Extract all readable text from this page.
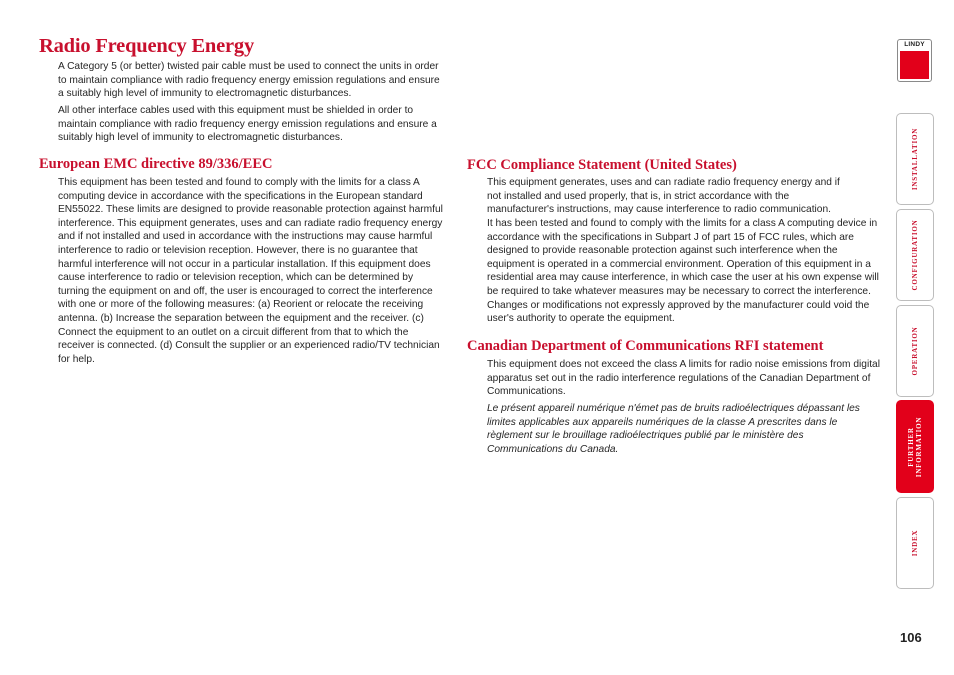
Radio Frequency Energy

A Category 5 (or better) twisted pair cable must be used to connect the units in order to maintain compliance with radio frequency energy emission regulations and ensure a suitably high level of immunity to electromagnetic disturbances.

All other interface cables used with this equipment must be shielded in order to maintain compliance with radio frequency energy emission regulations and ensure a suitably high level of immunity to electromagnetic disturbances.

European EMC directive 89/336/EEC

This equipment has been tested and found to comply with the limits for a class A computing device in accordance with the specifications in the European standard EN55022. These limits are designed to provide reasonable protection against harmful interference. This equipment generates, uses and can radiate radio frequency energy and if not installed and used in accordance with the instructions may cause harmful interference to radio or television reception. However, there is no guarantee that harmful interference will not occur in a particular installation. If this equipment does cause interference to radio or television reception, which can be determined by turning the equipment on and off, the user is encouraged to correct the interference with one or more of the following measures: (a) Reorient or relocate the receiving antenna. (b) Increase the separation between the equipment and the receiver. (c) Connect the equipment to an outlet on a circuit different from that to which the receiver is connected. (d) Consult the supplier or an experienced radio/TV technician for help.

FCC Compliance Statement (United States)

This equipment generates, uses and can radiate radio frequency energy and if not installed and used properly, that is, in strict accordance with the manufacturer's instructions, may cause interference to radio communication.

It has been tested and found to comply with the limits for a class A computing device in accordance with the specifications in Subpart J of part 15 of FCC rules, which are designed to provide reasonable protection against such interference when the equipment is operated in a commercial environment. Operation of this equipment in a residential area may cause interference, in which case the user at his own expense will be required to take whatever measures may be necessary to correct the interference. Changes or modifications not expressly approved by the manufacturer could void the user's authority to operate the equipment.

Canadian Department of Communications RFI statement

This equipment does not exceed the class A limits for radio noise emissions from digital apparatus set out in the radio interference regulations of the Canadian Department of Communications.

Le présent appareil numérique n'émet pas de bruits radioélectriques dépassant les limites applicables aux appareils numériques de la classe A prescrites dans le règlement sur le brouillage radioélectriques publié par le ministère des Communications du Canada.

LINDY
INSTALLATION
CONFIGURATION
OPERATION
FURTHER
INFORMATION
INDEX
106
